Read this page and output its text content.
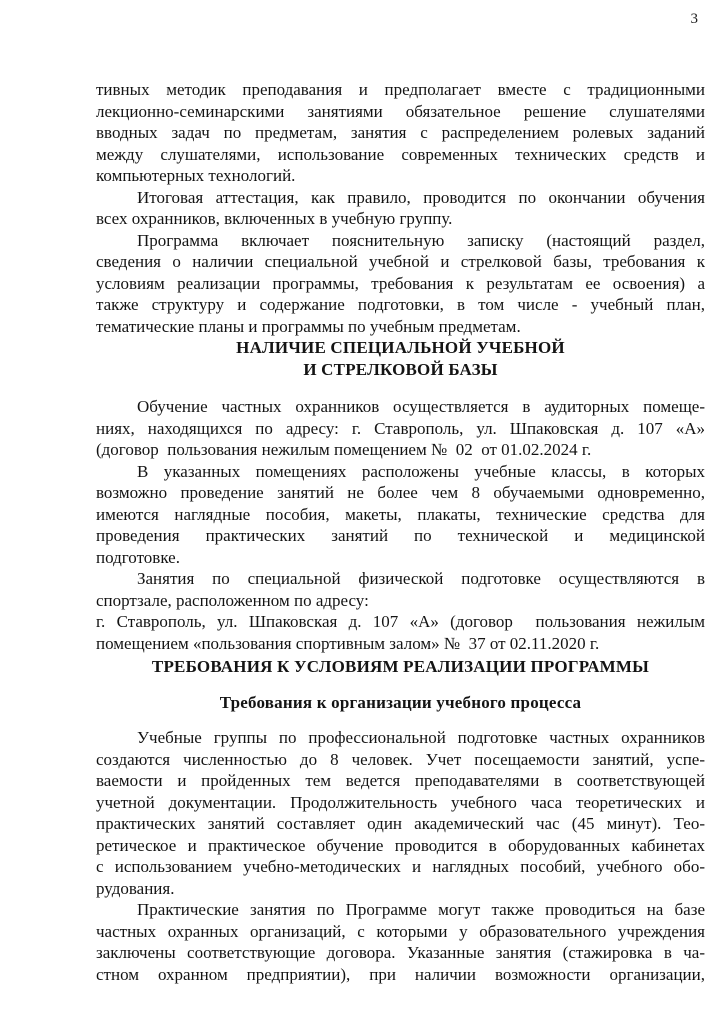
3
тивных методик преподавания и предполагает вместе с традиционными
лекционно-семинарскими занятиями обязательное решение слушателями
вводных задач по предметам, занятия с распределением ролевых заданий
между слушателями, использование современных технических средств и
компьютерных технологий.
Итоговая аттестация, как правило, проводится по окончании обучения
всех охранников, включенных в учебную группу.
Программа включает пояснительную записку (настоящий раздел,
сведения о наличии специальной учебной и стрелковой базы, требования к
условиям реализации программы, требования к результатам ее освоения) а
также структуру и содержание подготовки, в том числе - учебный план,
тематические планы и программы по учебным предметам.
НАЛИЧИЕ СПЕЦИАЛЬНОЙ УЧЕБНОЙ
И СТРЕЛКОВОЙ БАЗЫ
Обучение частных охранников осуществляется в аудиторных помеще-
ниях, находящихся по адресу: г. Ставрополь, ул. Шпаковская д. 107 «А»
(договор  пользования нежилым помещением №  02  от 01.02.2024 г.
В указанных помещениях расположены учебные классы, в которых
возможно проведение занятий не более чем 8 обучаемыми одновременно,
имеются наглядные пособия, макеты, плакаты, технические средства для
проведения практических занятий по технической и медицинской
подготовке.
Занятия по специальной физической подготовке осуществляются в
спортзале, расположенном по адресу:
г. Ставрополь, ул. Шпаковская д. 107 «А» (договор  пользования нежилым
помещением «пользования спортивным залом» №  37 от 02.11.2020 г.
ТРЕБОВАНИЯ К УСЛОВИЯМ РЕАЛИЗАЦИИ ПРОГРАММЫ
Требования к организации учебного процесса
Учебные группы по профессиональной подготовке частных охранников
создаются численностью до 8 человек. Учет посещаемости занятий, успе-
ваемости и пройденных тем ведется преподавателями в соответствующей
учетной документации. Продолжительность учебного часа теоретических и
практических занятий составляет один академический час (45 минут). Тео-
ретическое и практическое обучение проводится в оборудованных кабинетах
с использованием учебно-методических и наглядных пособий, учебного обо-
рудования.
Практические занятия по Программе могут также проводиться на базе
частных охранных организаций, с которыми у образовательного учреждения
заключены соответствующие договора. Указанные занятия (стажировка в ча-
стном охранном предприятии), при наличии возможности организации,
